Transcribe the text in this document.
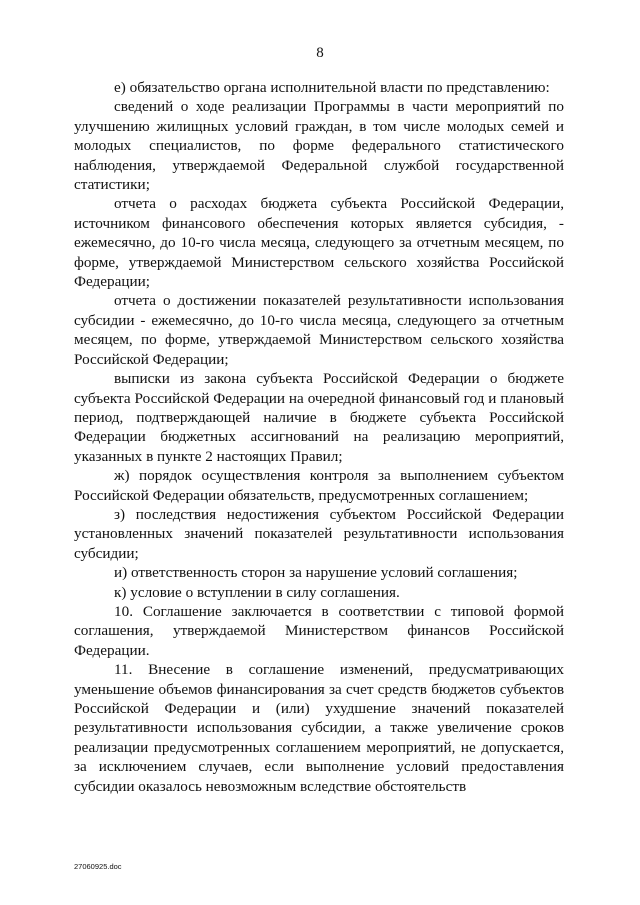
8

е) обязательство органа исполнительной власти по представлению:

сведений о ходе реализации Программы в части мероприятий по улучшению жилищных условий граждан, в том числе молодых семей и молодых специалистов, по форме федерального статистического наблюдения, утверждаемой Федеральной службой государственной статистики;

отчета о расходах бюджета субъекта Российской Федерации, источником финансового обеспечения которых является субсидия, - ежемесячно, до 10-го числа месяца, следующего за отчетным месяцем, по форме, утверждаемой Министерством сельского хозяйства Российской Федерации;

отчета о достижении показателей результативности использования субсидии - ежемесячно, до 10-го числа месяца, следующего за отчетным месяцем, по форме, утверждаемой Министерством сельского хозяйства Российской Федерации;

выписки из закона субъекта Российской Федерации о бюджете субъекта Российской Федерации на очередной финансовый год и плановый период, подтверждающей наличие в бюджете субъекта Российской Федерации бюджетных ассигнований на реализацию мероприятий, указанных в пункте 2 настоящих Правил;

ж) порядок осуществления контроля за выполнением субъектом Российской Федерации обязательств, предусмотренных соглашением;

з) последствия недостижения субъектом Российской Федерации установленных значений показателей результативности использования субсидии;

и) ответственность сторон за нарушение условий соглашения;

к) условие о вступлении в силу соглашения.

10. Соглашение заключается в соответствии с типовой формой соглашения, утверждаемой Министерством финансов Российской Федерации.

11. Внесение в соглашение изменений, предусматривающих уменьшение объемов финансирования за счет средств бюджетов субъектов Российской Федерации и (или) ухудшение значений показателей результативности использования субсидии, а также увеличение сроков реализации предусмотренных соглашением мероприятий, не допускается, за исключением случаев, если выполнение условий предоставления субсидии оказалось невозможным вследствие обстоятельств

27060925.doc
